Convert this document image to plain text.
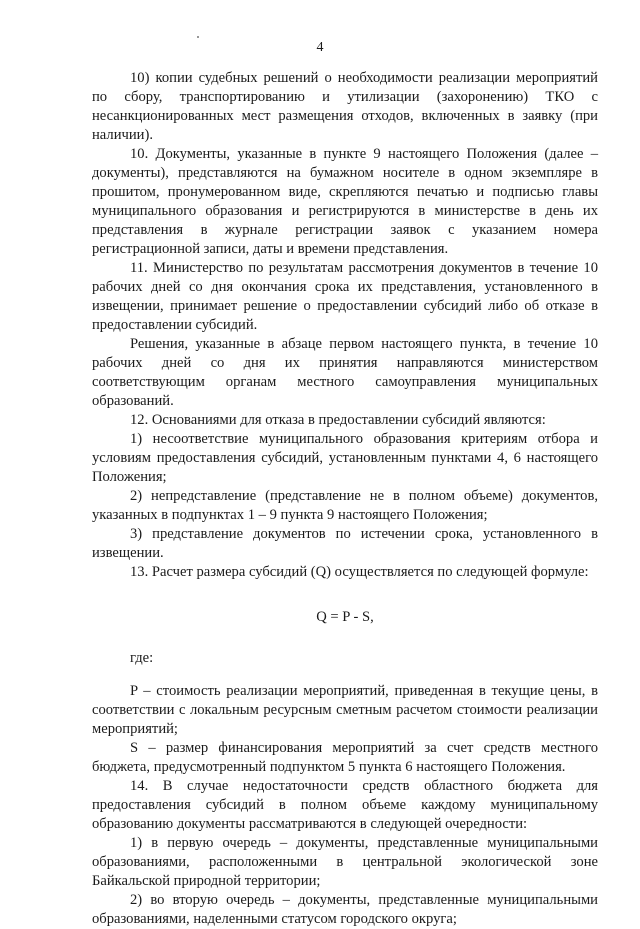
4

10) копии судебных решений о необходимости реализации мероприятий по сбору, транспортированию и утилизации (захоронению) ТКО с несанкционированных мест размещения отходов, включенных в заявку (при наличии).

10. Документы, указанные в пункте 9 настоящего Положения (далее – документы), представляются на бумажном носителе в одном экземпляре в прошитом, пронумерованном виде, скрепляются печатью и подписью главы муниципального образования и регистрируются в министерстве в день их представления в журнале регистрации заявок с указанием номера регистрационной записи, даты и времени представления.

11. Министерство по результатам рассмотрения документов в течение 10 рабочих дней со дня окончания срока их представления, установленного в извещении, принимает решение о предоставлении субсидий либо об отказе в предоставлении субсидий.

Решения, указанные в абзаце первом настоящего пункта, в течение 10 рабочих дней со дня их принятия направляются министерством соответствующим органам местного самоуправления муниципальных образований.

12. Основаниями для отказа в предоставлении субсидий являются:

1) несоответствие муниципального образования критериям отбора и условиям предоставления субсидий, установленным пунктами 4, 6 настоящего Положения;

2) непредставление (представление не в полном объеме) документов, указанных в подпунктах 1 – 9 пункта 9 настоящего Положения;

3) представление документов по истечении срока, установленного в извещении.

13. Расчет размера субсидий (Q) осуществляется по следующей формуле:

Q = P - S,

где:

P – стоимость реализации мероприятий, приведенная в текущие цены, в соответствии с локальным ресурсным сметным расчетом стоимости реализации мероприятий;

S – размер финансирования мероприятий за счет средств местного бюджета, предусмотренный подпунктом 5 пункта 6 настоящего Положения.

14. В случае недостаточности средств областного бюджета для предоставления субсидий в полном объеме каждому муниципальному образованию документы рассматриваются в следующей очередности:

1) в первую очередь – документы, представленные муниципальными образованиями, расположенными в центральной экологической зоне Байкальской природной территории;

2) во вторую очередь – документы, представленные муниципальными образованиями, наделенными статусом городского округа;
